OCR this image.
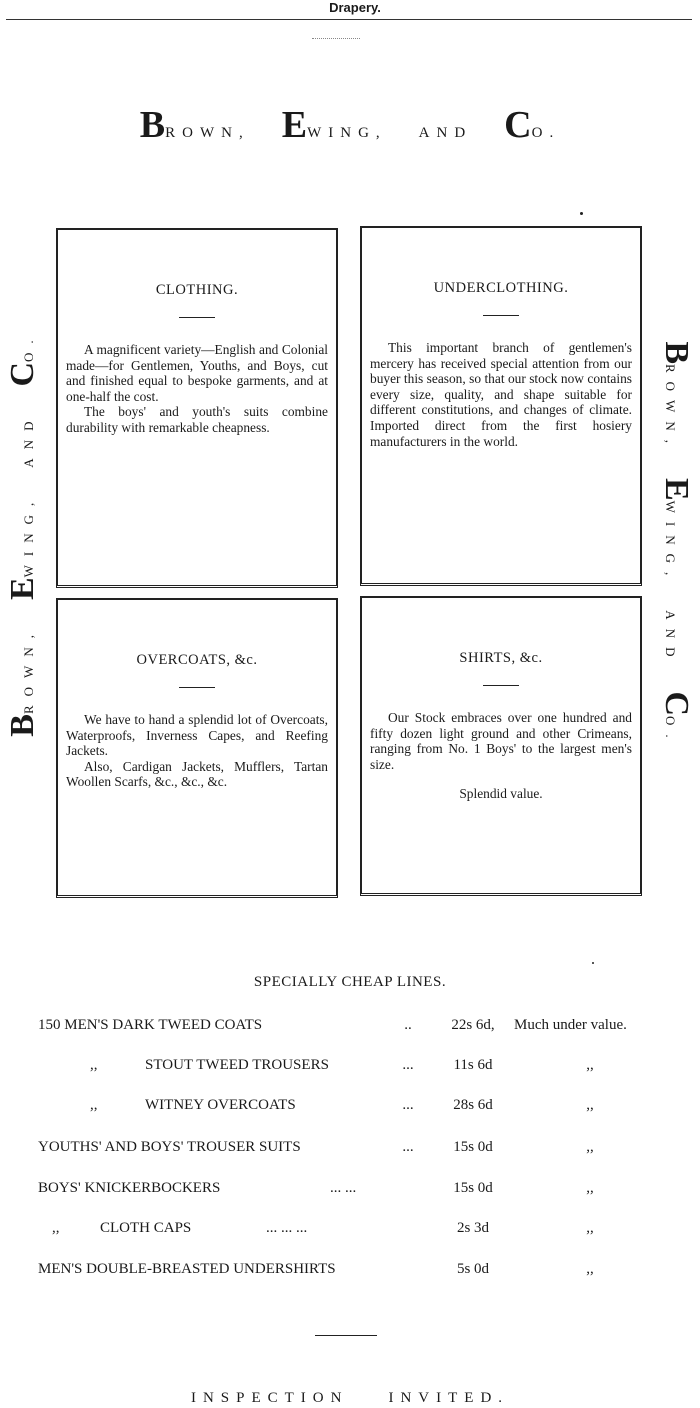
Drapery.
BROWN, EWING, AND CO.
BROWN,EWING,ANDCO.	BROWN,EWING,ANDCO.
CLOTHING.

A magnificent variety—English and Colonial made—for Gentlemen, Youths, and Boys, cut and finished equal to bespoke garments, and at one-half the cost.

The boys' and youth's suits combine durability with remarkable cheapness.

UNDERCLOTHING.

This important branch of gentlemen's mercery has received special attention from our buyer this season, so that our stock now contains every size, quality, and shape suitable for different constitutions, and changes of climate. Imported direct from the first hosiery manufacturers in the world.

OVERCOATS, &c.

We have to hand a splendid lot of Overcoats, Waterproofs, Inverness Capes, and Reefing Jackets.

Also, Cardigan Jackets, Mufflers, Tartan Woollen Scarfs, &c., &c., &c.

SHIRTS, &c.

Our Stock embraces over one hundred and fifty dozen light ground and other Crimeans, ranging from No. 1 Boys' to the largest men's size.

Splendid value.
SPECIALLY CHEAP LINES.
150 MEN'S DARK TWEED COATS	..	22s 6d,	Much under value.
,,	STOUT TWEED TROUSERS	...	11s 6d	,,
,,	WITNEY OVERCOATS	...	28s 6d	,,
YOUTHS' AND BOYS' TROUSER SUITS	...	15s 0d	,,
BOYS' KNICKERBOCKERS	... ...	15s 0d	,,
,,	CLOTH CAPS	... ... ...	2s 3d	,,
MEN'S DOUBLE-BREASTED UNDERSHIRTS	5s 0d	,,
INSPECTION	INVITED.
